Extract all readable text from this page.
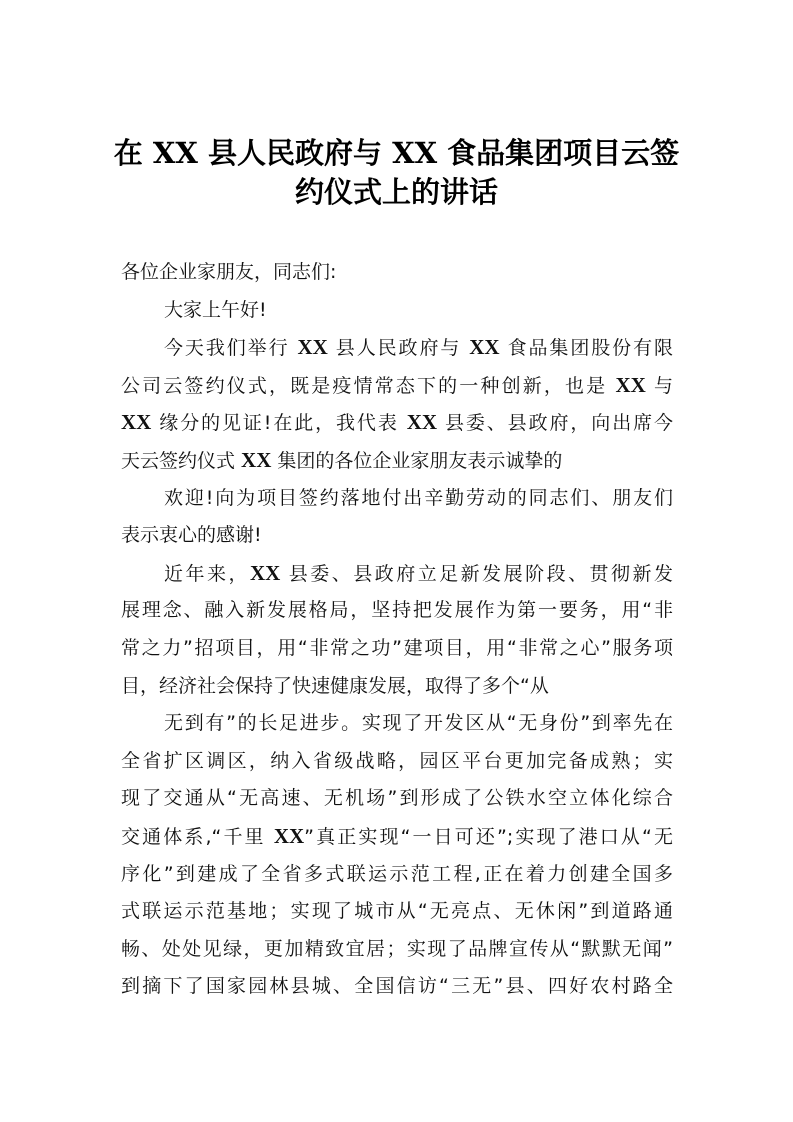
在 XX 县人民政府与 XX 食品集团项目云签
约仪式上的讲话
各位企业家朋友，同志们:
大家上午好!
今天我们举行 XX 县人民政府与 XX 食品集团股份有限
公司云签约仪式，既是疫情常态下的一种创新，也是 XX 与
XX 缘分的见证!在此，我代表 XX 县委、县政府，向出席今
天云签约仪式 XX 集团的各位企业家朋友表示诚挚的
欢迎!向为项目签约落地付出辛勤劳动的同志们、朋友们
表示衷心的感谢!
近年来，XX 县委、县政府立足新发展阶段、贯彻新发
展理念、融入新发展格局，坚持把发展作为第一要务，用“非
常之力”招项目，用“非常之功”建项目，用“非常之心”服务项
目，经济社会保持了快速健康发展，取得了多个“从
无到有”的长足进步。实现了开发区从“无身份”到率先在
全省扩区调区，纳入省级战略，园区平台更加完备成熟；实
现了交通从“无高速、无机场”到形成了公铁水空立体化综合
交通体系,“千里 XX”真正实现“一日可还”;实现了港口从“无
序化”到建成了全省多式联运示范工程,正在着力创建全国多
式联运示范基地；实现了城市从“无亮点、无休闲”到道路通
畅、处处见绿，更加精致宜居；实现了品牌宣传从“默默无闻”
到摘下了国家园林县城、全国信访“三无”县、四好农村路全
